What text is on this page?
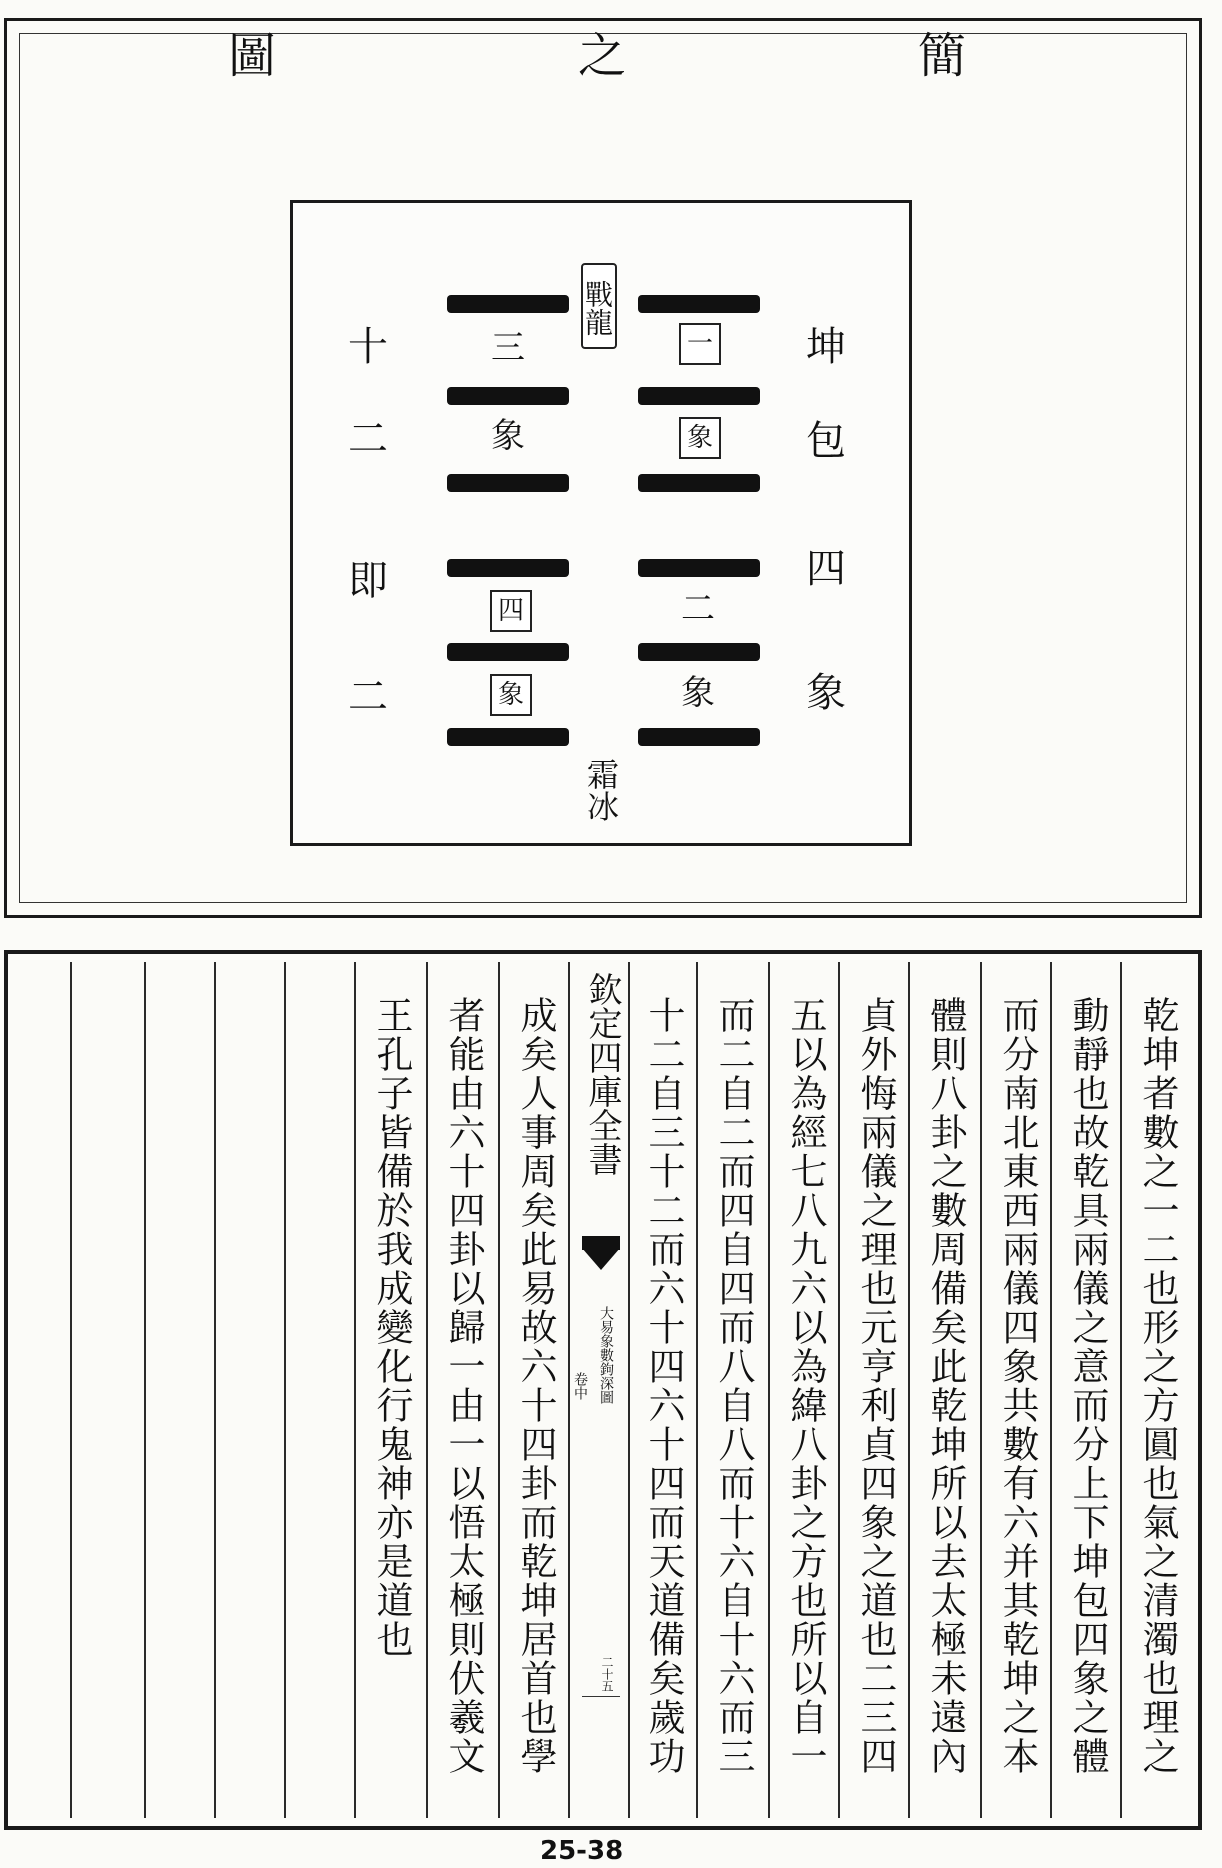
圖	之	簡
三
象
四
象
一
象
二
象
戰龍
霜冰
十
二
即
二
坤
包
四
象
乾坤者數之一二也形之方圓也氣之清濁也理之
動靜也故乾具兩儀之意而分上下坤包四象之體
而分南北東西兩儀四象共數有六并其乾坤之本
體則八卦之數周備矣此乾坤所以去太極未遠內
貞外悔兩儀之理也元亨利貞四象之道也二三四
五以為經七八九六以為緯八卦之方也所以自一
而二自二而四自四而八自八而十六自十六而三
十二自三十二而六十四六十四而天道備矣歲功
成矣人事周矣此易故六十四卦而乾坤居首也學
者能由六十四卦以歸一由一以悟太極則伏羲文
王孔子皆備於我成變化行鬼神亦是道也	欽定四庫全書
大易象數鉤深圖
卷中
二十五
25-38
